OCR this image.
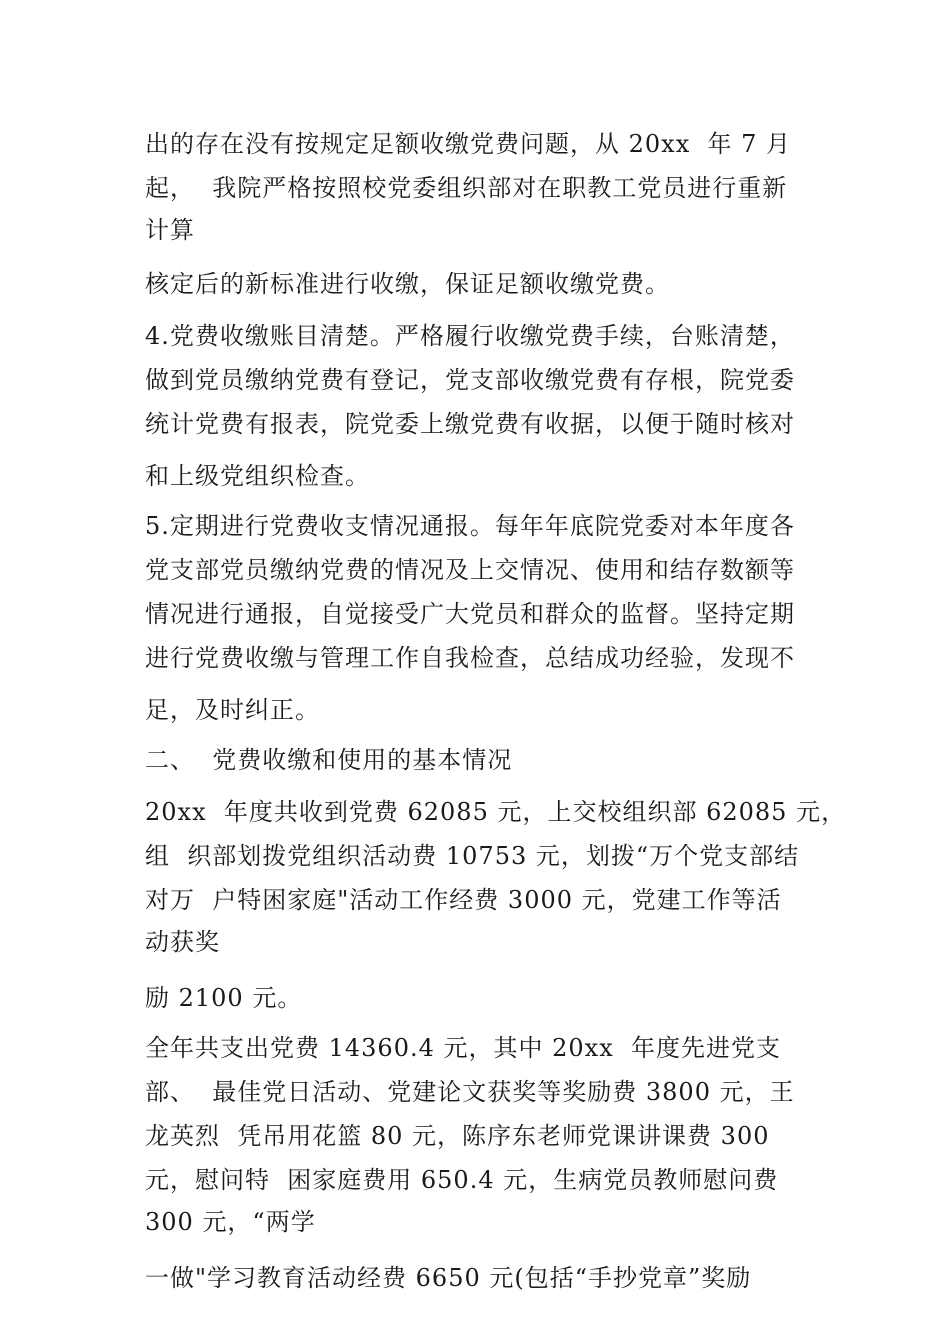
出的存在没有按规定足额收缴党费问题，从 20xx  年 7 月
起，  我院严格按照校党委组织部对在职教工党员进行重新
计算
核定后的新标准进行收缴，保证足额收缴党费。
4.党费收缴账目清楚。严格履行收缴党费手续，台账清楚，
做到党员缴纳党费有登记，党支部收缴党费有存根，院党委
统计党费有报表，院党委上缴党费有收据，以便于随时核对
和上级党组织检查。
5.定期进行党费收支情况通报。每年年底院党委对本年度各
党支部党员缴纳党费的情况及上交情况、使用和结存数额等
情况进行通报，自觉接受广大党员和群众的监督。坚持定期
进行党费收缴与管理工作自我检查，总结成功经验，发现不
足，及时纠正。
二、  党费收缴和使用的基本情况
20xx  年度共收到党费 62085 元，上交校组织部 62085 元，
组  织部划拨党组织活动费 10753 元，划拨“万个党支部结
对万  户特困家庭"活动工作经费 3000 元，党建工作等活
动获奖
励 2100 元。
全年共支出党费 14360.4 元，其中 20xx  年度先进党支
部、  最佳党日活动、党建论文获奖等奖励费 3800 元，王
龙英烈  凭吊用花篮 80 元，陈序东老师党课讲课费 300
元，慰问特  困家庭费用 650.4 元，生病党员教师慰问费
300 元，“两学
一做"学习教育活动经费 6650 元(包括“手抄党章”奖励
